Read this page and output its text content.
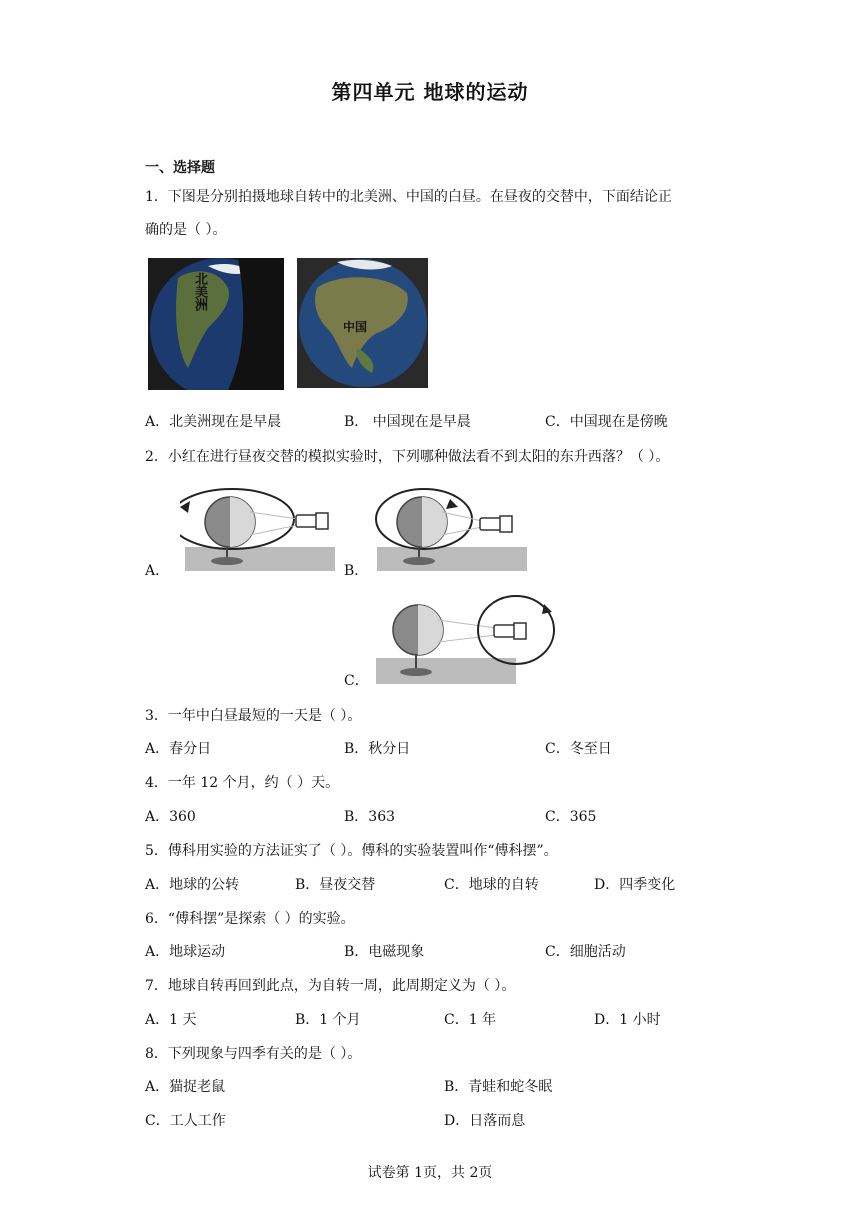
第四单元 地球的运动
一、选择题
1．下图是分别拍摄地球自转中的北美洲、中国的白昼。在昼夜的交替中，下面结论正
确的是（ ）。
北美洲
中国
A．北美洲现在是早晨	B． 中国现在是早晨	C．中国现在是傍晚
2．小红在进行昼夜交替的模拟实验时，下列哪种做法看不到太阳的东升西落？（ ）。
A．	B．
C．
3．一年中白昼最短的一天是（ ）。
A．春分日	B．秋分日	C．冬至日
4．一年 12 个月，约（ ）天。
A．360	B．363	C．365
5．傅科用实验的方法证实了（ ）。傅科的实验装置叫作“傅科摆”。
A．地球的公转	B．昼夜交替	C．地球的自转	D．四季变化
6．“傅科摆”是探索（ ）的实验。
A．地球运动	B．电磁现象	C．细胞活动
7．地球自转再回到此点，为自转一周，此周期定义为（ ）。
A．1 天	B．1 个月	C．1 年	D．1 小时
8．下列现象与四季有关的是（ ）。
A．猫捉老鼠	B．青蛙和蛇冬眠
C．工人工作	D．日落而息
试卷第 1页，共 2页
